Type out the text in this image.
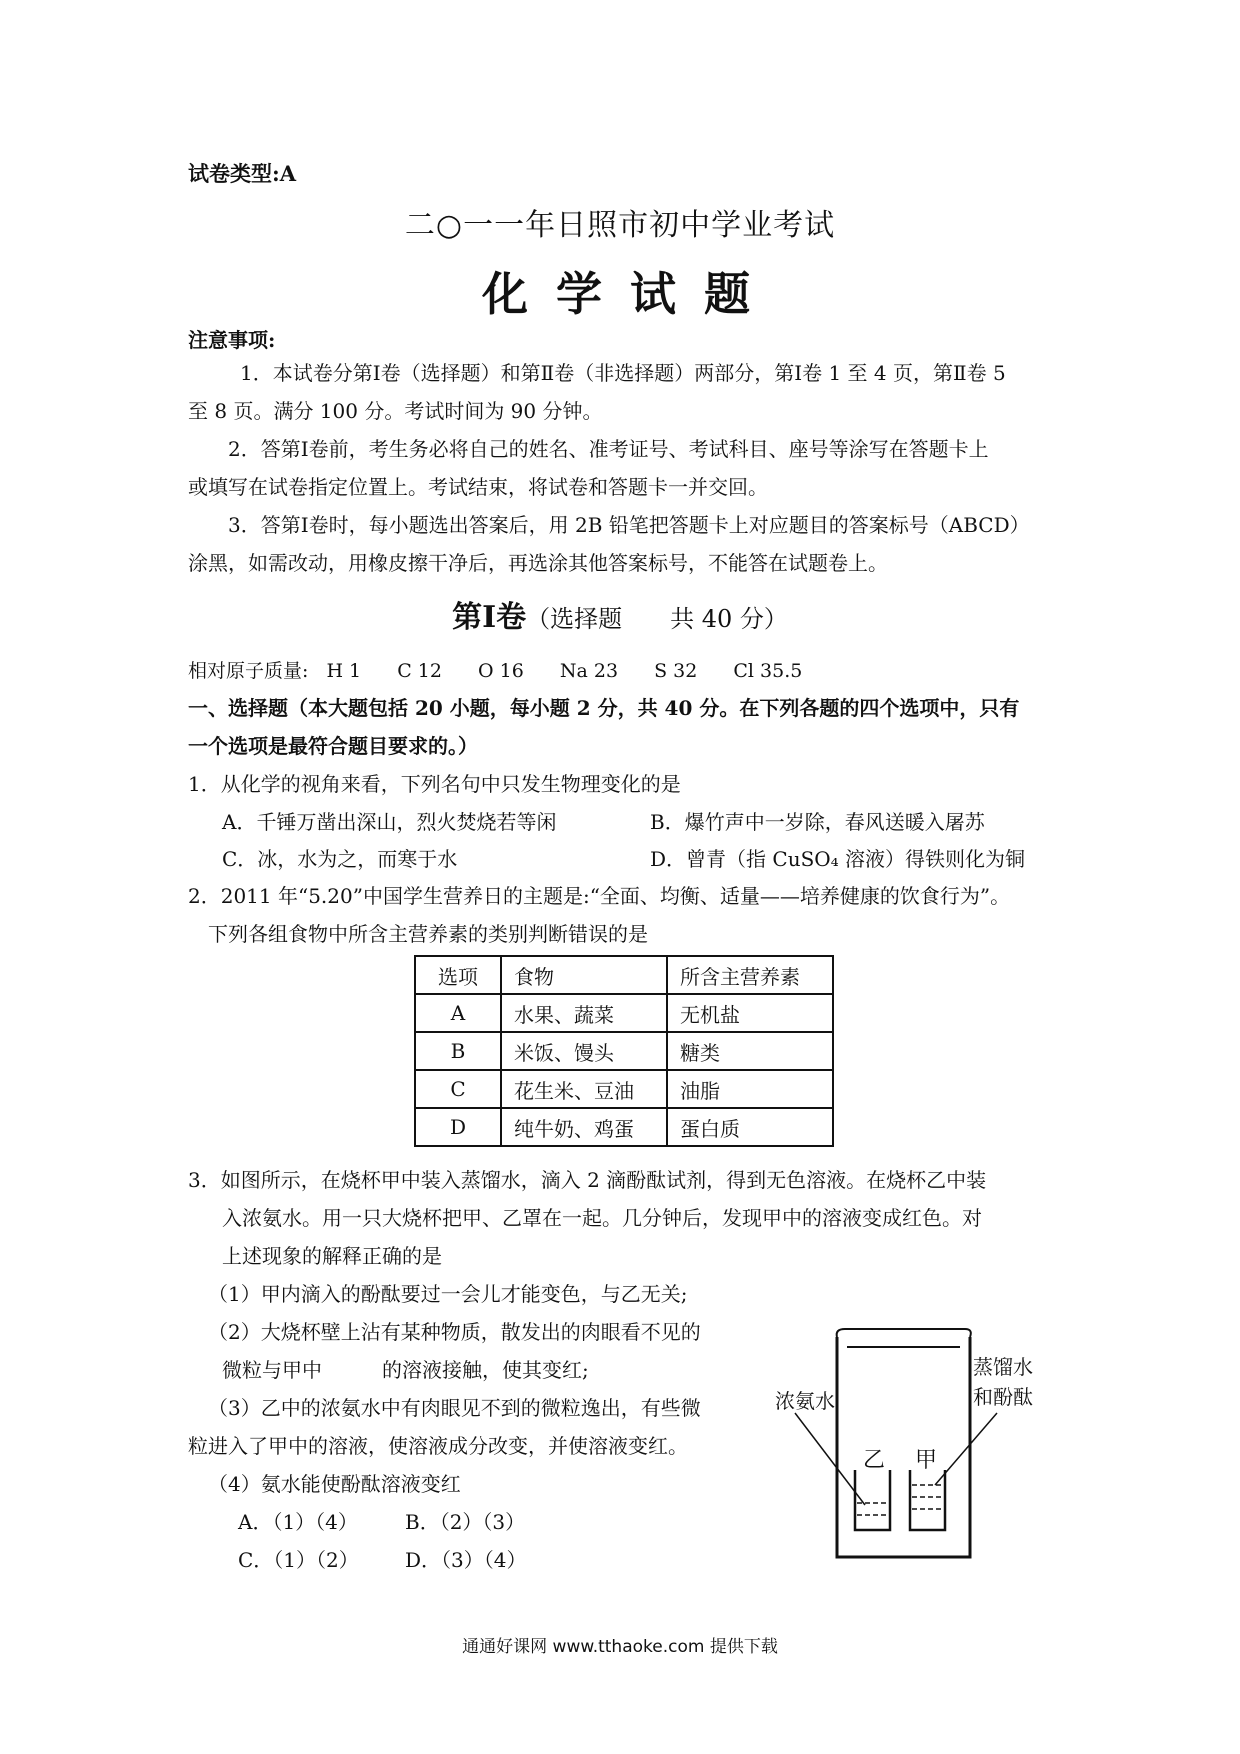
试卷类型:A
二○一一年日照市初中学业考试
化学试题
注意事项:
1．本试卷分第Ⅰ卷（选择题）和第Ⅱ卷（非选择题）两部分，第Ⅰ卷 1 至 4 页，第Ⅱ卷 5
至 8 页。满分 100 分。考试时间为 90 分钟。
2．答第Ⅰ卷前，考生务必将自己的姓名、准考证号、考试科目、座号等涂写在答题卡上
或填写在试卷指定位置上。考试结束，将试卷和答题卡一并交回。
3．答第Ⅰ卷时，每小题选出答案后，用 2B 铅笔把答题卡上对应题目的答案标号（ABCD）
涂黑，如需改动，用橡皮擦干净后，再选涂其他答案标号，不能答在试题卷上。
第Ⅰ卷（选择题　　共 40 分）
相对原子质量: H 1 C 12 O 16 Na 23 S 32 Cl 35.5
一、选择题（本大题包括 20 小题，每小题 2 分，共 40 分。在下列各题的四个选项中，只有
一个选项是最符合题目要求的。）
1．从化学的视角来看，下列名句中只发生物理变化的是
A．千锤万凿出深山，烈火焚烧若等闲	B．爆竹声中一岁除，春风送暖入屠苏
C．冰，水为之，而寒于水	D．曾青（指 CuSO₄ 溶液）得铁则化为铜
2．2011 年“5.20”中国学生营养日的主题是:“全面、均衡、适量——培养健康的饮食行为”。
下列各组食物中所含主营养素的类别判断错误的是
选项	食物	所含主营养素
A	水果、蔬菜	无机盐
B	米饭、馒头	糖类
C	花生米、豆油	油脂
D	纯牛奶、鸡蛋	蛋白质
3．如图所示，在烧杯甲中装入蒸馏水，滴入 2 滴酚酞试剂，得到无色溶液。在烧杯乙中装
入浓氨水。用一只大烧杯把甲、乙罩在一起。几分钟后，发现甲中的溶液变成红色。对
上述现象的解释正确的是
（1）甲内滴入的酚酞要过一会儿才能变色，与乙无关;
（2）大烧杯壁上沾有某种物质，散发出的肉眼看不见的
微粒与甲中　　　的溶液接触，使其变红;
（3）乙中的浓氨水中有肉眼见不到的微粒逸出，有些微
粒进入了甲中的溶液，使溶液成分改变，并使溶液变红。
（4）氨水能使酚酞溶液变红
A．（1）（4） B．（2）（3）
C．（1）（2） D．（3）（4）
蒸馏水
和酚酞
浓氨水
乙 甲
通通好课网 www.tthaoke.com 提供下载
